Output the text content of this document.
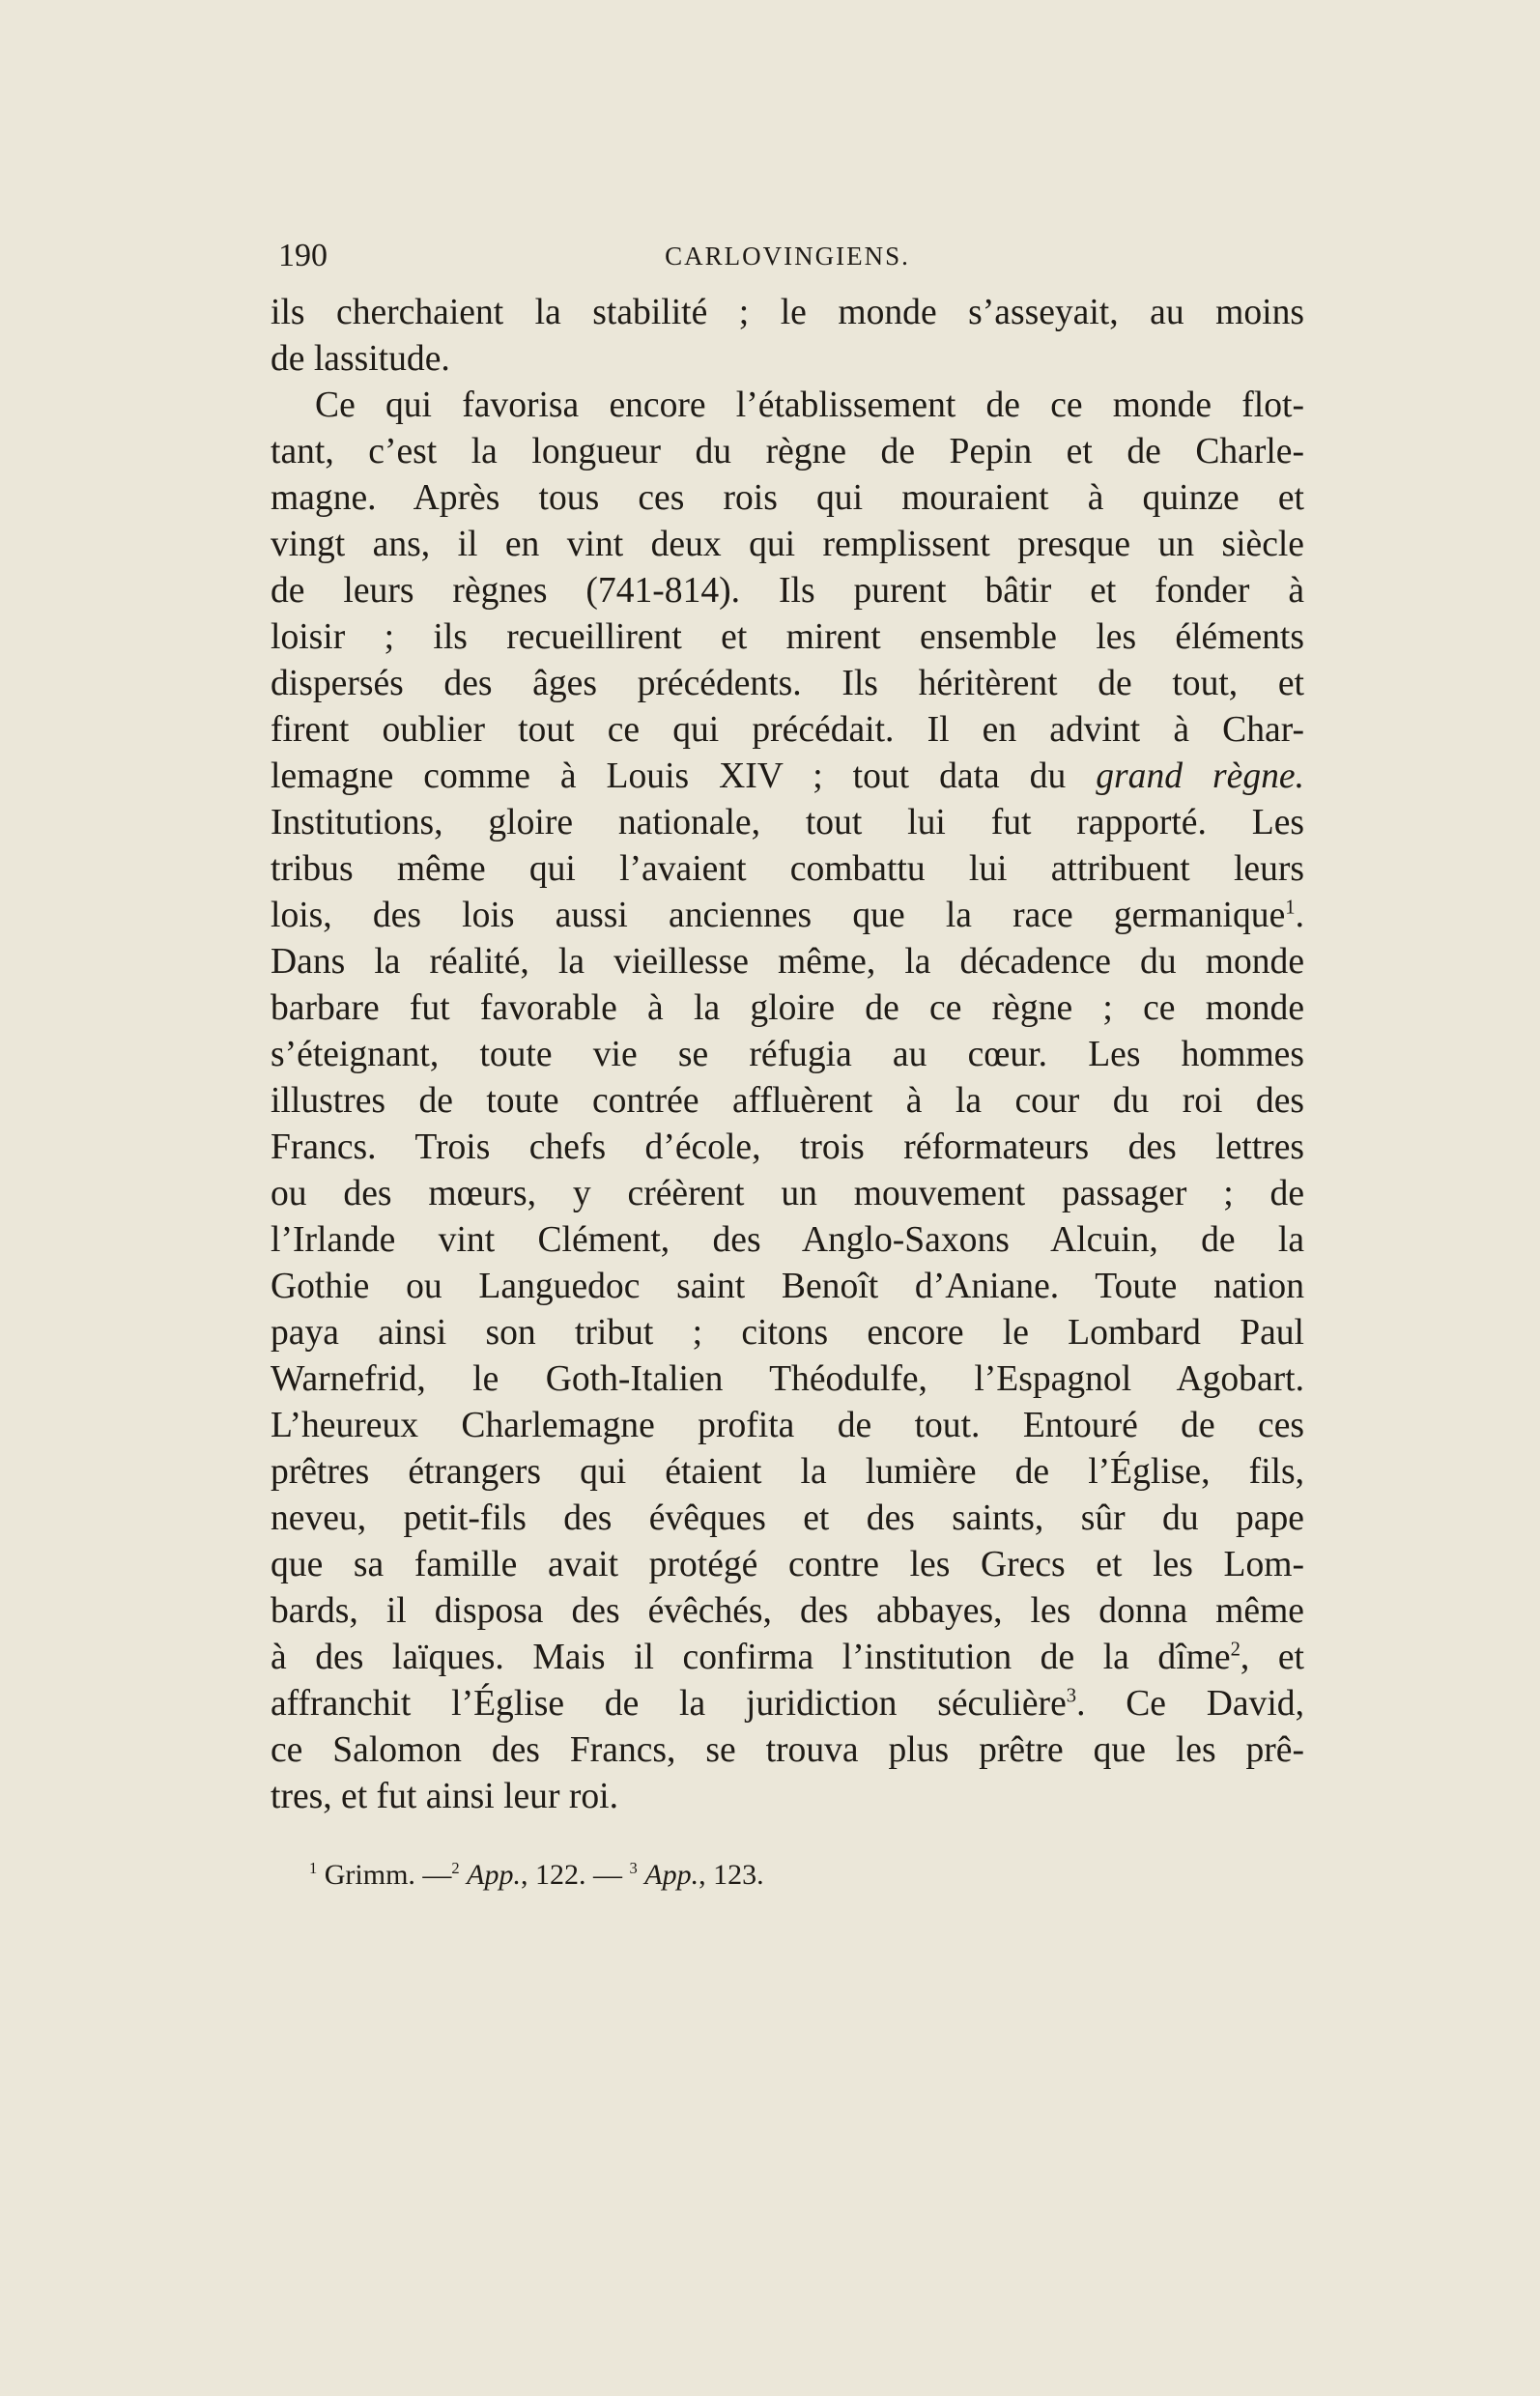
190	CARLOVINGIENS.
ils cherchaient la stabilité ; le monde s’asseyait, au moins
de lassitude.
Ce qui favorisa encore l’établissement de ce monde flot-
tant, c’est la longueur du règne de Pepin et de Charle-
magne. Après tous ces rois qui mouraient à quinze et
vingt ans, il en vint deux qui remplissent presque un siècle
de leurs règnes (741-814). Ils purent bâtir et fonder à
loisir ; ils recueillirent et mirent ensemble les éléments
dispersés des âges précédents. Ils héritèrent de tout, et
firent oublier tout ce qui précédait. Il en advint à Char-
lemagne comme à Louis XIV ; tout data du grand règne.
Institutions, gloire nationale, tout lui fut rapporté. Les
tribus même qui l’avaient combattu lui attribuent leurs
lois, des lois aussi anciennes que la race germanique$^1$.
Dans la réalité, la vieillesse même, la décadence du monde
barbare fut favorable à la gloire de ce règne ; ce monde
s’éteignant, toute vie se réfugia au cœur. Les hommes
illustres de toute contrée affluèrent à la cour du roi des
Francs. Trois chefs d’école, trois réformateurs des lettres
ou des mœurs, y créèrent un mouvement passager ; de
l’Irlande vint Clément, des Anglo-Saxons Alcuin, de la
Gothie ou Languedoc saint Benoît d’Aniane. Toute nation
paya ainsi son tribut ; citons encore le Lombard Paul
Warnefrid, le Goth-Italien Théodulfe, l’Espagnol Agobart.
L’heureux Charlemagne profita de tout. Entouré de ces
prêtres étrangers qui étaient la lumière de l’Église, fils,
neveu, petit-fils des évêques et des saints, sûr du pape
que sa famille avait protégé contre les Grecs et les Lom-
bards, il disposa des évêchés, des abbayes, les donna même
à des laïques. Mais il confirma l’institution de la dîme$^2$, et
affranchit l’Église de la juridiction séculière$^3$. Ce David,
ce Salomon des Francs, se trouva plus prêtre que les prê-
tres, et fut ainsi leur roi.
$^1$ Grimm. —$^2$ App., 122. — $^3$ App., 123.
